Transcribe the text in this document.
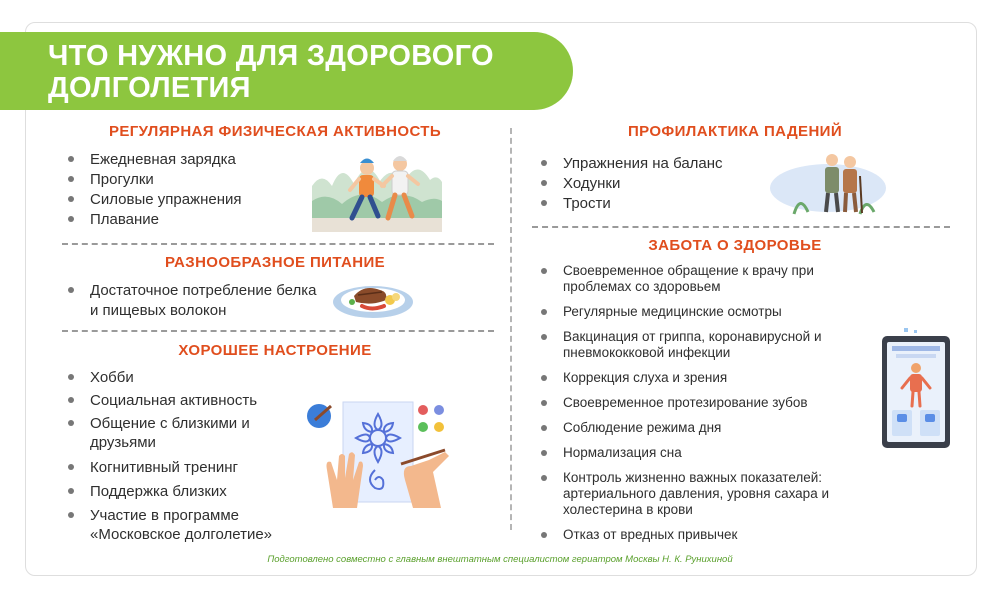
ЧТО НУЖНО ДЛЯ ЗДОРОВОГО ДОЛГОЛЕТИЯ
РЕГУЛЯРНАЯ ФИЗИЧЕСКАЯ АКТИВНОСТЬ
Ежедневная зарядка
Прогулки
Силовые упражнения
Плавание
РАЗНООБРАЗНОЕ ПИТАНИЕ
Достаточное потребление белка и пищевых волокон
ХОРОШЕЕ НАСТРОЕНИЕ
Хобби
Социальная активность
Общение с близкими и друзьями
Когнитивный тренинг
Поддержка близких
Участие в программе «Московское долголетие»
ПРОФИЛАКТИКА ПАДЕНИЙ
Упражнения на баланс
Ходунки
Трости
ЗАБОТА О ЗДОРОВЬЕ
Своевременное обращение к врачу при проблемах со здоровьем
Регулярные медицинские осмотры
Вакцинация от гриппа, коронавирусной и пневмококковой инфекции
Коррекция слуха и зрения
Своевременное протезирование зубов
Соблюдение режима дня
Нормализация сна
Контроль жизненно важных показателей: артериального давления, уровня сахара и холестерина в крови
Отказ от вредных привычек
Подготовлено совместно с главным внештатным специалистом гериатром Москвы Н. К. Рунихиной
